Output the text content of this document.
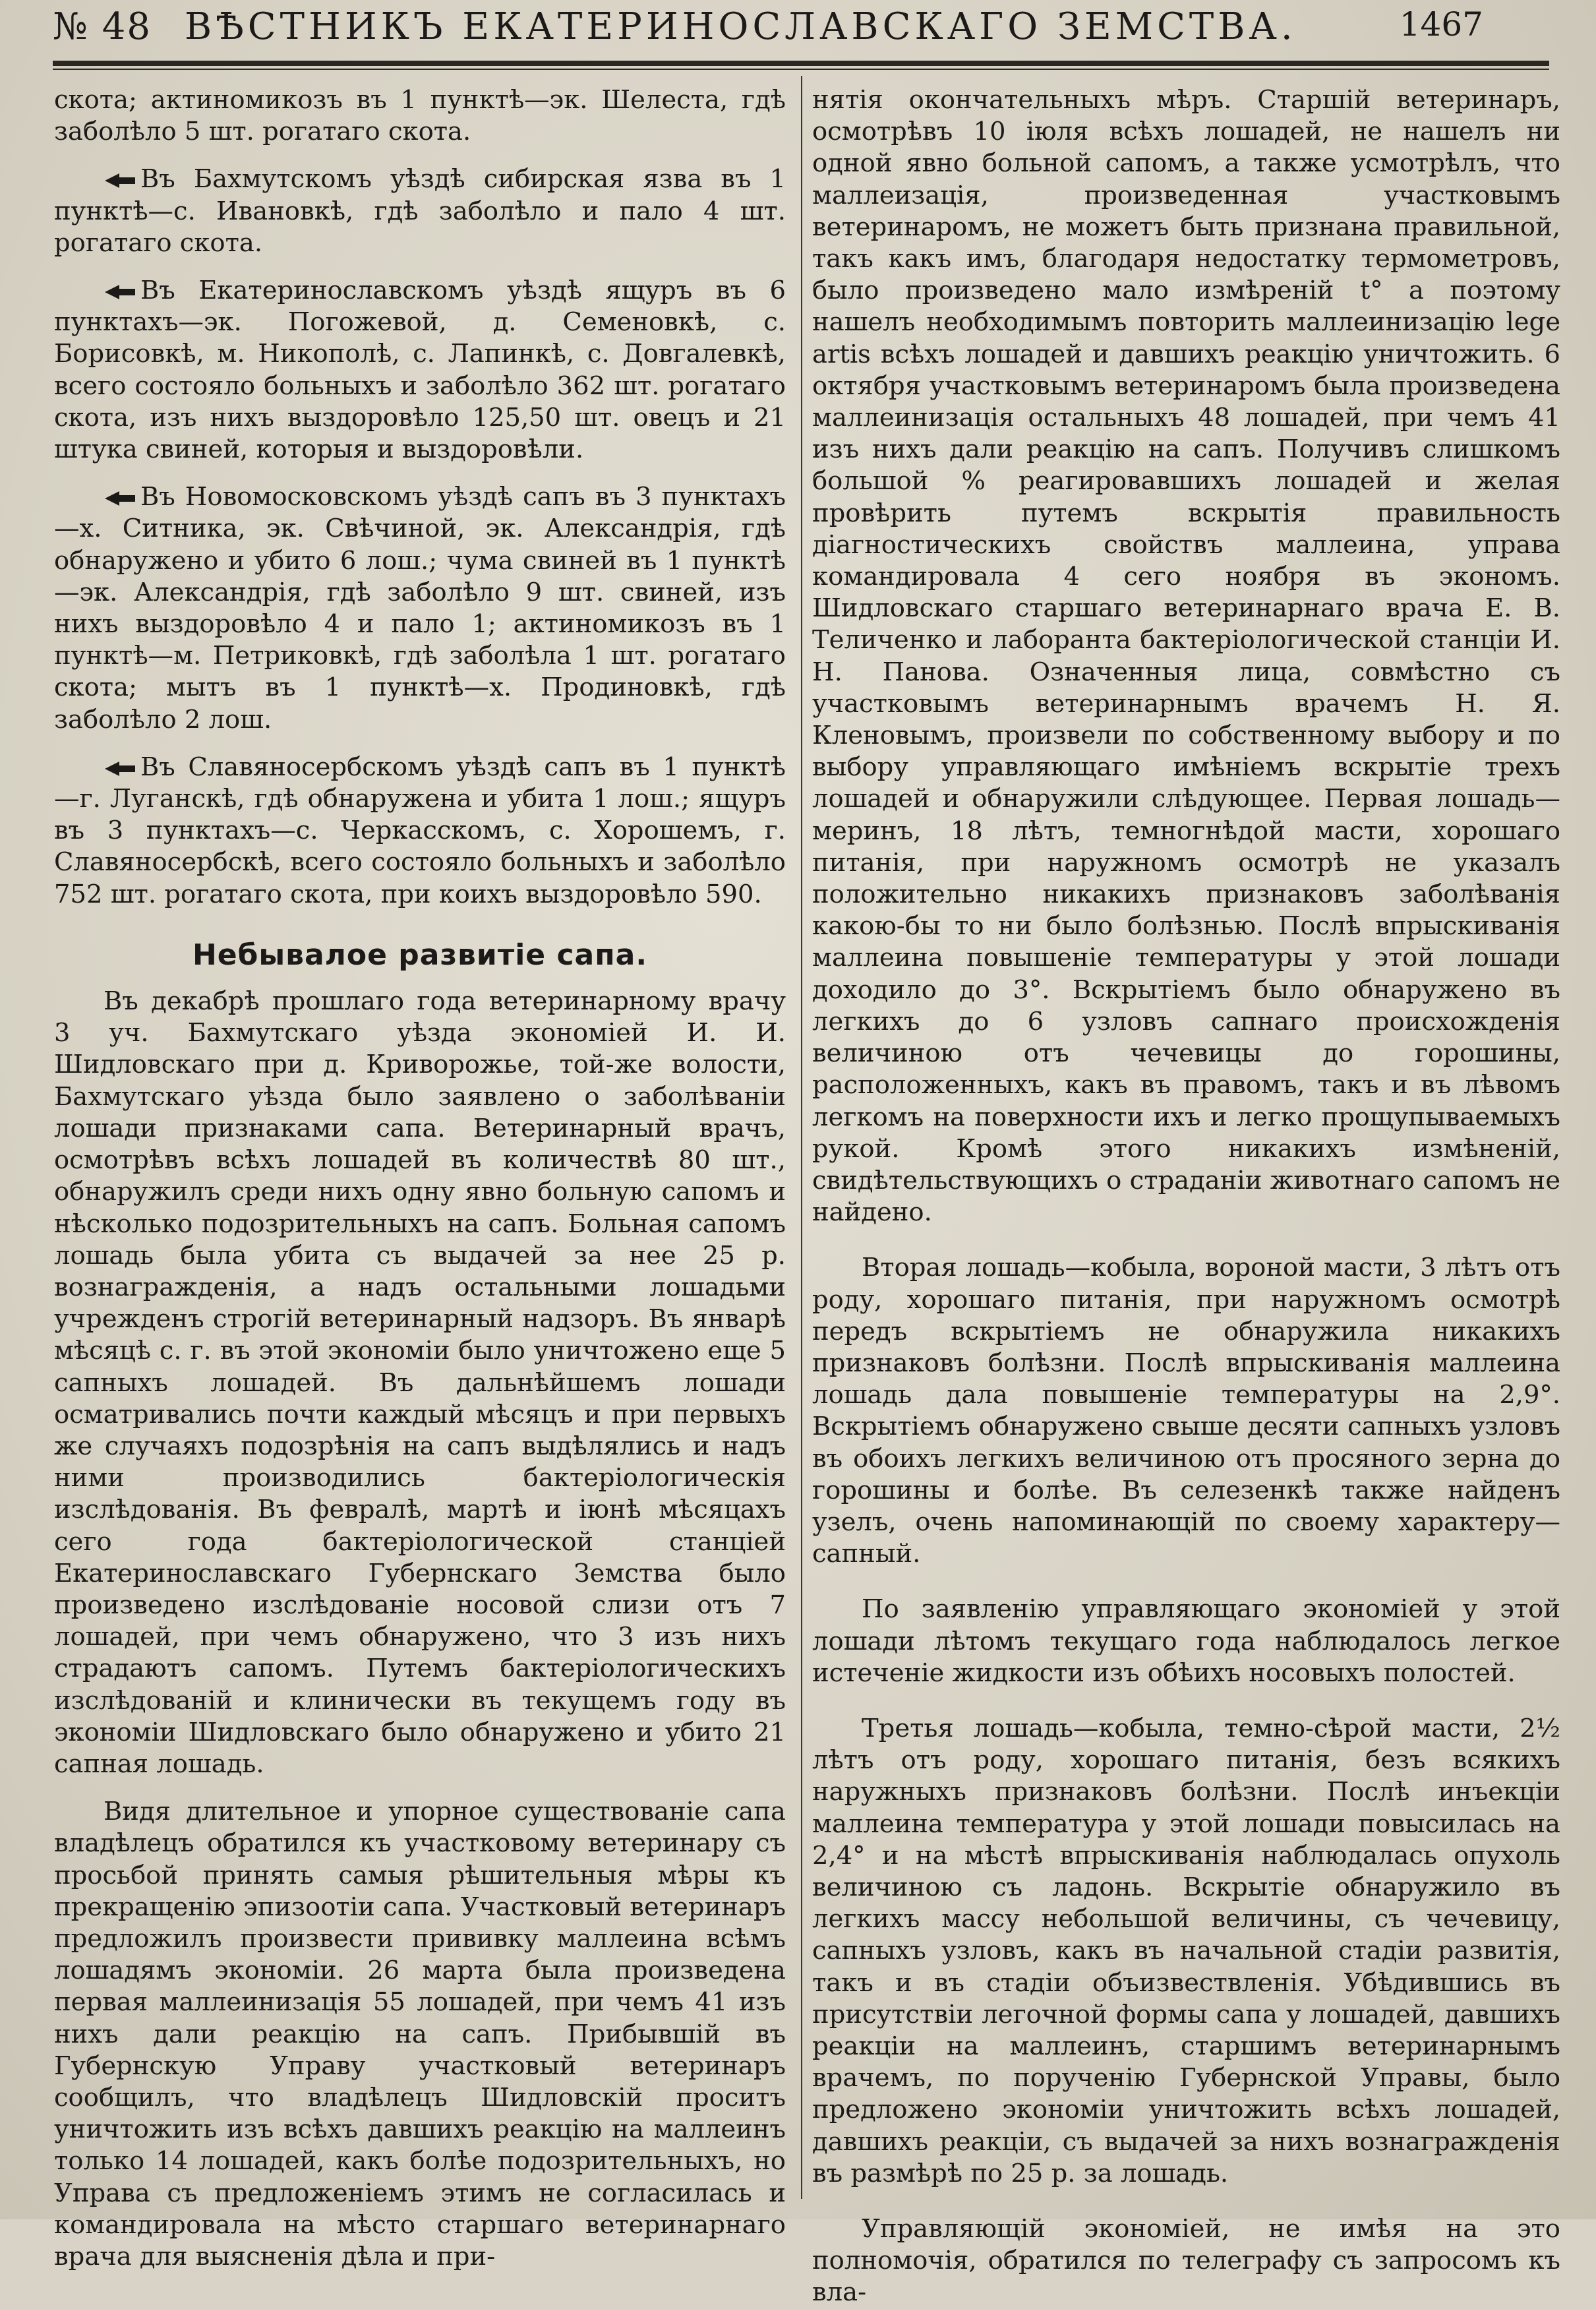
№ 48 ВѢСТНИКЪ ЕКАТЕРИНОСЛАВСКАГО ЗЕМСТВА.	1467

скота; актиномикозъ въ 1 пунктѣ—эк. Шелеста, гдѣ заболѣло 5 шт. рогатаго скота.

Въ Бахмутскомъ уѣздѣ сибирская язва въ 1 пунктѣ—с. Ивановкѣ, гдѣ заболѣло и пало 4 шт. рогатаго скота.

Въ Екатеринославскомъ уѣздѣ ящуръ въ 6 пунктахъ—эк. Погожевой, д. Семеновкѣ, с. Борисовкѣ, м. Никополѣ, с. Лапинкѣ, с. Довгалевкѣ, всего состояло больныхъ и заболѣло 362 шт. рогатаго скота, изъ нихъ выздоровѣло 125,50 шт. овецъ и 21 штука свиней, которыя и выздоровѣли.

Въ Новомосковскомъ уѣздѣ сапъ въ 3 пунктахъ —х. Ситника, эк. Свѣчиной, эк. Александрія, гдѣ обнаружено и убито 6 лош.; чума свиней въ 1 пунктѣ —эк. Александрія, гдѣ заболѣло 9 шт. свиней, изъ нихъ выздоровѣло 4 и пало 1; актиномикозъ въ 1 пунктѣ—м. Петриковкѣ, гдѣ заболѣла 1 шт. рогатаго скота; мытъ въ 1 пунктѣ—х. Продиновкѣ, гдѣ заболѣло 2 лош.

Въ Славяносербскомъ уѣздѣ сапъ въ 1 пунктѣ —г. Луганскѣ, гдѣ обнаружена и убита 1 лош.; ящуръ въ 3 пунктахъ—с. Черкасскомъ, с. Хорошемъ, г. Славяносербскѣ, всего состояло больныхъ и заболѣло 752 шт. рогатаго скота, при коихъ выздоровѣло 590.

Небывалое развитіе сапа.

Въ декабрѣ прошлаго года ветеринарному врачу 3 уч. Бахмутскаго уѣзда экономіей И. И. Шидловскаго при д. Криворожье, той-же волости, Бахмутскаго уѣзда было заявлено о заболѣваніи лошади признаками сапа. Ветеринарный врачъ, осмотрѣвъ всѣхъ лошадей въ количествѣ 80 шт., обнаружилъ среди нихъ одну явно больную сапомъ и нѣсколько подозрительныхъ на сапъ. Больная сапомъ лошадь была убита съ выдачей за нее 25 р. вознагражденія, а надъ остальными лошадьми учрежденъ строгій ветеринарный надзоръ. Въ январѣ мѣсяцѣ с. г. въ этой экономіи было уничтожено еще 5 сапныхъ лошадей. Въ дальнѣйшемъ лошади осматривались почти каждый мѣсяцъ и при первыхъ же случаяхъ подозрѣнія на сапъ выдѣлялись и надъ ними производились бактеріологическія изслѣдованія. Въ февралѣ, мартѣ и іюнѣ мѣсяцахъ сего года бактеріологической станціей Екатеринославскаго Губернскаго Земства было произведено изслѣдованіе носовой слизи отъ 7 лошадей, при чемъ обнаружено, что 3 изъ нихъ страдаютъ сапомъ. Путемъ бактеріологическихъ изслѣдованій и клинически въ текущемъ году въ экономіи Шидловскаго было обнаружено и убито 21 сапная лошадь.

Видя длительное и упорное существованіе сапа владѣлецъ обратился къ участковому ветеринару съ просьбой принять самыя рѣшительныя мѣры къ прекращенію эпизоотіи сапа. Участковый ветеринаръ предложилъ произвести прививку маллеина всѣмъ лошадямъ экономіи. 26 марта была произведена первая маллеинизація 55 лошадей, при чемъ 41 изъ нихъ дали реакцію на сапъ. Прибывшій въ Губернскую Управу участковый ветеринаръ сообщилъ, что владѣлецъ Шидловскій проситъ уничтожить изъ всѣхъ давшихъ реакцію на маллеинъ только 14 лошадей, какъ болѣе подозрительныхъ, но Управа съ предложеніемъ этимъ не согласилась и командировала на мѣсто старшаго ветеринарнаго врача для выясненія дѣла и при-

нятія окончательныхъ мѣръ. Старшій ветеринаръ, осмотрѣвъ 10 іюля всѣхъ лошадей, не нашелъ ни одной явно больной сапомъ, а также усмотрѣлъ, что маллеизація, произведенная участковымъ ветеринаромъ, не можетъ быть признана правильной, такъ какъ имъ, благодаря недостатку термометровъ, было произведено мало измѣреній t° а поэтому нашелъ необходимымъ повторить маллеинизацію lege artis всѣхъ лошадей и давшихъ реакцію уничтожить. 6 октября участковымъ ветеринаромъ была произведена маллеинизація остальныхъ 48 лошадей, при чемъ 41 изъ нихъ дали реакцію на сапъ. Получивъ слишкомъ большой % реагировавшихъ лошадей и желая провѣрить путемъ вскрытія правильность діагностическихъ свойствъ маллеина, управа командировала 4 сего ноября въ экономъ. Шидловскаго старшаго ветеринарнаго врача Е. В. Теличенко и лаборанта бактеріологической станціи И. Н. Панова. Означенныя лица, совмѣстно съ участковымъ ветеринарнымъ врачемъ Н. Я. Кленовымъ, произвели по собственному выбору и по выбору управляющаго имѣніемъ вскрытіе трехъ лошадей и обнаружили слѣдующее. Первая лошадь—меринъ, 18 лѣтъ, темногнѣдой масти, хорошаго питанія, при наружномъ осмотрѣ не указалъ положительно никакихъ признаковъ заболѣванія какою-бы то ни было болѣзнью. Послѣ впрыскиванія маллеина повышеніе температуры у этой лошади доходило до 3°. Вскрытіемъ было обнаружено въ легкихъ до 6 узловъ сапнаго происхожденія величиною отъ чечевицы до горошины, расположенныхъ, какъ въ правомъ, такъ и въ лѣвомъ легкомъ на поверхности ихъ и легко прощупываемыхъ рукой. Кромѣ этого никакихъ измѣненій, свидѣтельствующихъ о страданіи животнаго сапомъ не найдено.

Вторая лошадь—кобыла, вороной масти, 3 лѣтъ отъ роду, хорошаго питанія, при наружномъ осмотрѣ передъ вскрытіемъ не обнаружила никакихъ признаковъ болѣзни. Послѣ впрыскиванія маллеина лошадь дала повышеніе температуры на 2,9°. Вскрытіемъ обнаружено свыше десяти сапныхъ узловъ въ обоихъ легкихъ величиною отъ просяного зерна до горошины и болѣе. Въ селезенкѣ также найденъ узелъ, очень напоминающій по своему характеру—сапный.

По заявленію управляющаго экономіей у этой лошади лѣтомъ текущаго года наблюдалось легкое истеченіе жидкости изъ обѣихъ носовыхъ полостей.

Третья лошадь—кобыла, темно-сѣрой масти, 2½ лѣтъ отъ роду, хорошаго питанія, безъ всякихъ наружныхъ признаковъ болѣзни. Послѣ инъекціи маллеина температура у этой лошади повысилась на 2,4° и на мѣстѣ впрыскиванія наблюдалась опухоль величиною съ ладонь. Вскрытіе обнаружило въ легкихъ массу небольшой величины, съ чечевицу, сапныхъ узловъ, какъ въ начальной стадіи развитія, такъ и въ стадіи объизвествленія. Убѣдившись въ присутствіи легочной формы сапа у лошадей, давшихъ реакціи на маллеинъ, старшимъ ветеринарнымъ врачемъ, по порученію Губернской Управы, было предложено экономіи уничтожить всѣхъ лошадей, давшихъ реакціи, съ выдачей за нихъ вознагражденія въ размѣрѣ по 25 р. за лошадь.

Управляющій экономіей, не имѣя на это полномочія, обратился по телеграфу съ запросомъ къ вла-
